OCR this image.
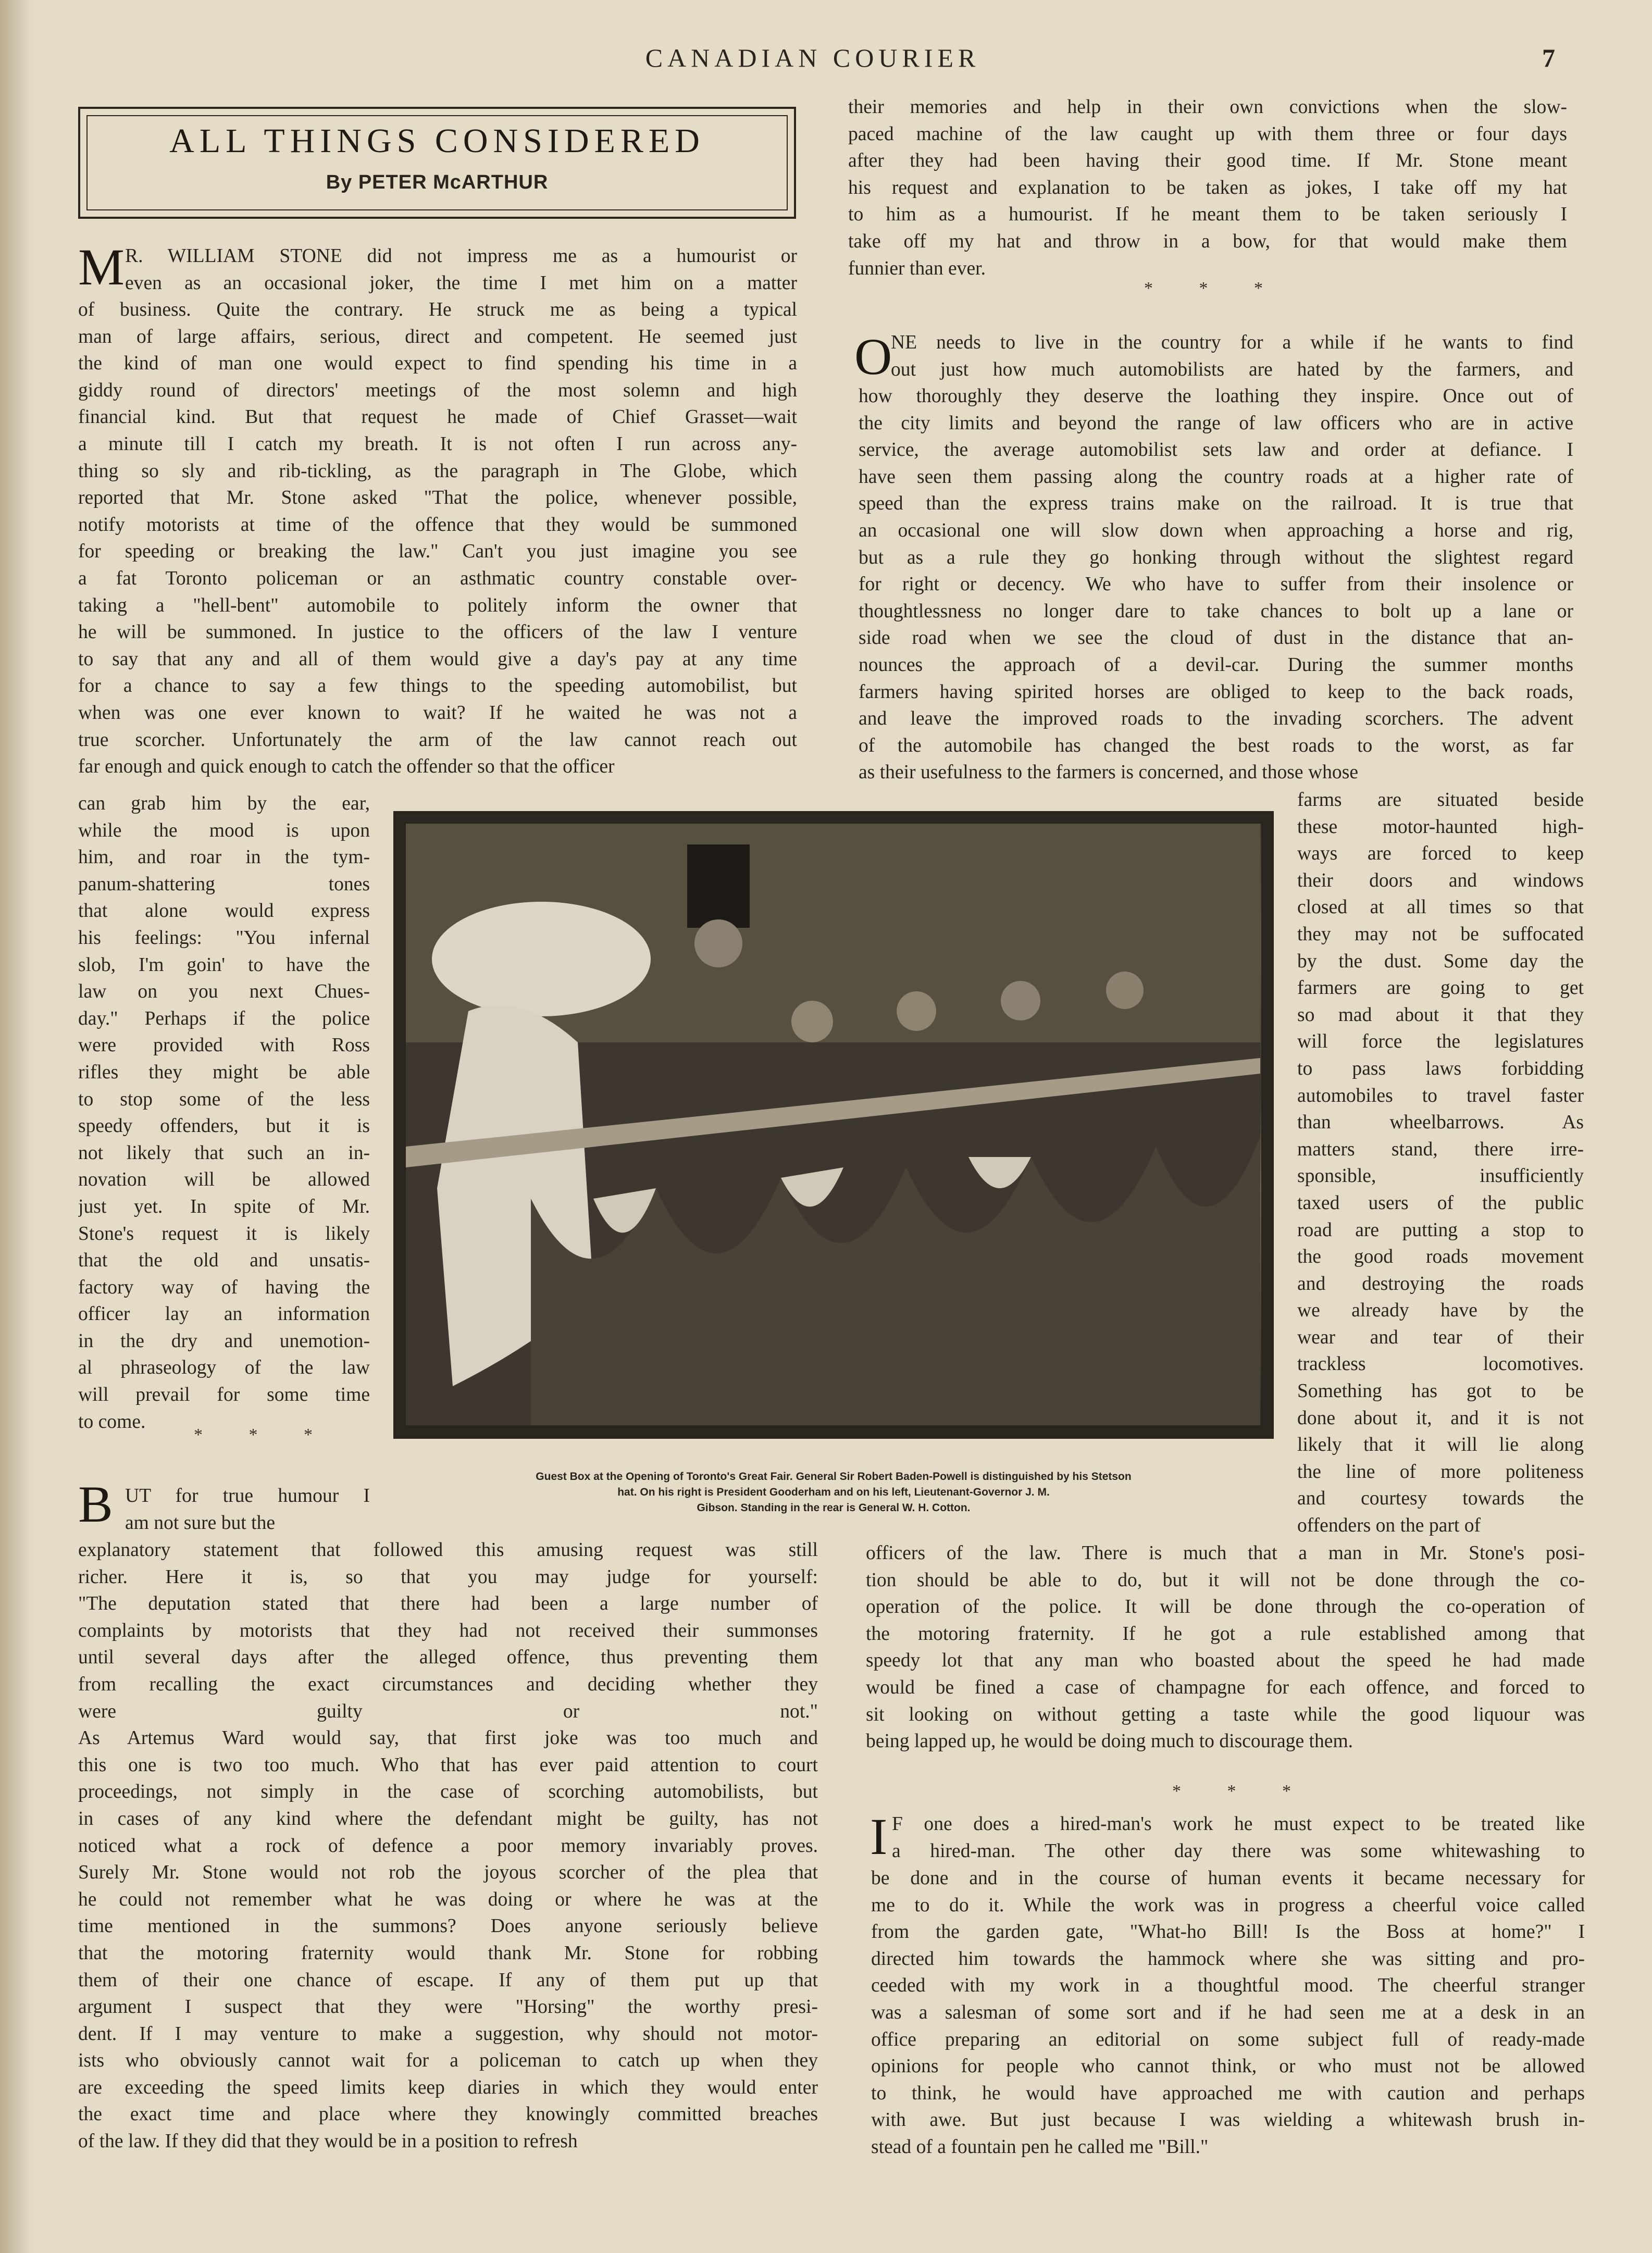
CANADIAN COURIER	7
ALL THINGS CONSIDERED
By PETER McARTHUR
M R. WILLIAM STONE did not impress me as a humourist or
even as an occasional joker, the time I met him on a matter
of business. Quite the contrary. He struck me as being a typical
man of large affairs, serious, direct and competent. He seemed just
the kind of man one would expect to find spending his time in a
giddy round of directors' meetings of the most solemn and high
financial kind. But that request he made of Chief Grasset—wait
a minute till I catch my breath. It is not often I run across any-
thing so sly and rib-tickling, as the paragraph in The Globe, which
reported that Mr. Stone asked "That the police, whenever possible,
notify motorists at time of the offence that they would be summoned
for speeding or breaking the law." Can't you just imagine you see
a fat Toronto policeman or an asthmatic country constable over-
taking a "hell-bent" automobile to politely inform the owner that
he will be summoned. In justice to the officers of the law I venture
to say that any and all of them would give a day's pay at any time
for a chance to say a few things to the speeding automobilist, but
when was one ever known to wait? If he waited he was not a
true scorcher. Unfortunately the arm of the law cannot reach out
far enough and quick enough to catch the offender so that the officer
can grab him by the ear,
while the mood is upon
him, and roar in the tym-
panum-shattering tones
that alone would express
his feelings: "You infernal
slob, I'm goin' to have the
law on you next Chues-
day." Perhaps if the police
were provided with Ross
rifles they might be able
to stop some of the less
speedy offenders, but it is
not likely that such an in-
novation will be allowed
just yet. In spite of Mr.
Stone's request it is likely
that the old and unsatis-
factory way of having the
officer lay an information
in the dry and unemotion-
al phraseology of the law
will prevail for some time
to come.
* * *
B UT for true humour I
am not sure but the
explanatory statement that followed this amusing request was still
richer. Here it is, so that you may judge for yourself:
"The deputation stated that there had been a large number of
complaints by motorists that they had not received their summonses
until several days after the alleged offence, thus preventing them
from recalling the exact circumstances and deciding whether they
were guilty or not."
As Artemus Ward would say, that first joke was too much and
this one is two too much. Who that has ever paid attention to court
proceedings, not simply in the case of scorching automobilists, but
in cases of any kind where the defendant might be guilty, has not
noticed what a rock of defence a poor memory invariably proves.
Surely Mr. Stone would not rob the joyous scorcher of the plea that
he could not remember what he was doing or where he was at the
time mentioned in the summons? Does anyone seriously believe
that the motoring fraternity would thank Mr. Stone for robbing
them of their one chance of escape. If any of them put up that
argument I suspect that they were "Horsing" the worthy presi-
dent. If I may venture to make a suggestion, why should not motor-
ists who obviously cannot wait for a policeman to catch up when they
are exceeding the speed limits keep diaries in which they would enter
the exact time and place where they knowingly committed breaches
of the law. If they did that they would be in a position to refresh
Guest Box at the Opening of Toronto's Great Fair. General Sir Robert Baden-Powell is distinguished by his Stetson
hat. On his right is President Gooderham and on his left, Lieutenant-Governor J. M.
Gibson. Standing in the rear is General W. H. Cotton.
their memories and help in their own convictions when the slow-
paced machine of the law caught up with them three or four days
after they had been having their good time. If Mr. Stone meant
his request and explanation to be taken as jokes, I take off my hat
to him as a humourist. If he meant them to be taken seriously I
take off my hat and throw in a bow, for that would make them
funnier than ever.
* * *
O
NE needs to live in the country for a while if he wants to find
out just how much automobilists are hated by the farmers, and
how thoroughly they deserve the loathing they inspire. Once out of
the city limits and beyond the range of law officers who are in active
service, the average automobilist sets law and order at defiance. I
have seen them passing along the country roads at a higher rate of
speed than the express trains make on the railroad. It is true that
an occasional one will slow down when approaching a horse and rig,
but as a rule they go honking through without the slightest regard
for right or decency. We who have to suffer from their insolence or
thoughtlessness no longer dare to take chances to bolt up a lane or
side road when we see the cloud of dust in the distance that an-
nounces the approach of a devil-car. During the summer months
farmers having spirited horses are obliged to keep to the back roads,
and leave the improved roads to the invading scorchers. The advent
of the automobile has changed the best roads to the worst, as far
as their usefulness to the farmers is concerned, and those whose
farms are situated beside
these motor-haunted high-
ways are forced to keep
their doors and windows
closed at all times so that
they may not be suffocated
by the dust. Some day the
farmers are going to get
so mad about it that they
will force the legislatures
to pass laws forbidding
automobiles to travel faster
than wheelbarrows. As
matters stand, there irre-
sponsible, insufficiently
taxed users of the public
road are putting a stop to
the good roads movement
and destroying the roads
we already have by the
wear and tear of their
trackless locomotives.
Something has got to be
done about it, and it is not
likely that it will lie along
the line of more politeness
and courtesy towards the
offenders on the part of
officers of the law. There is much that a man in Mr. Stone's posi-
tion should be able to do, but it will not be done through the co-
operation of the police. It will be done through the co-operation of
the motoring fraternity. If he got a rule established among that
speedy lot that any man who boasted about the speed he had made
would be fined a case of champagne for each offence, and forced to
sit looking on without getting a taste while the good liquour was
being lapped up, he would be doing much to discourage them.
* * *
I F one does a hired-man's work he must expect to be treated like
a hired-man. The other day there was some whitewashing to
be done and in the course of human events it became necessary for
me to do it. While the work was in progress a cheerful voice called
from the garden gate, "What-ho Bill! Is the Boss at home?" I
directed him towards the hammock where she was sitting and pro-
ceeded with my work in a thoughtful mood. The cheerful stranger
was a salesman of some sort and if he had seen me at a desk in an
office preparing an editorial on some subject full of ready-made
opinions for people who cannot think, or who must not be allowed
to think, he would have approached me with caution and perhaps
with awe. But just because I was wielding a whitewash brush in-
stead of a fountain pen he called me "Bill."
